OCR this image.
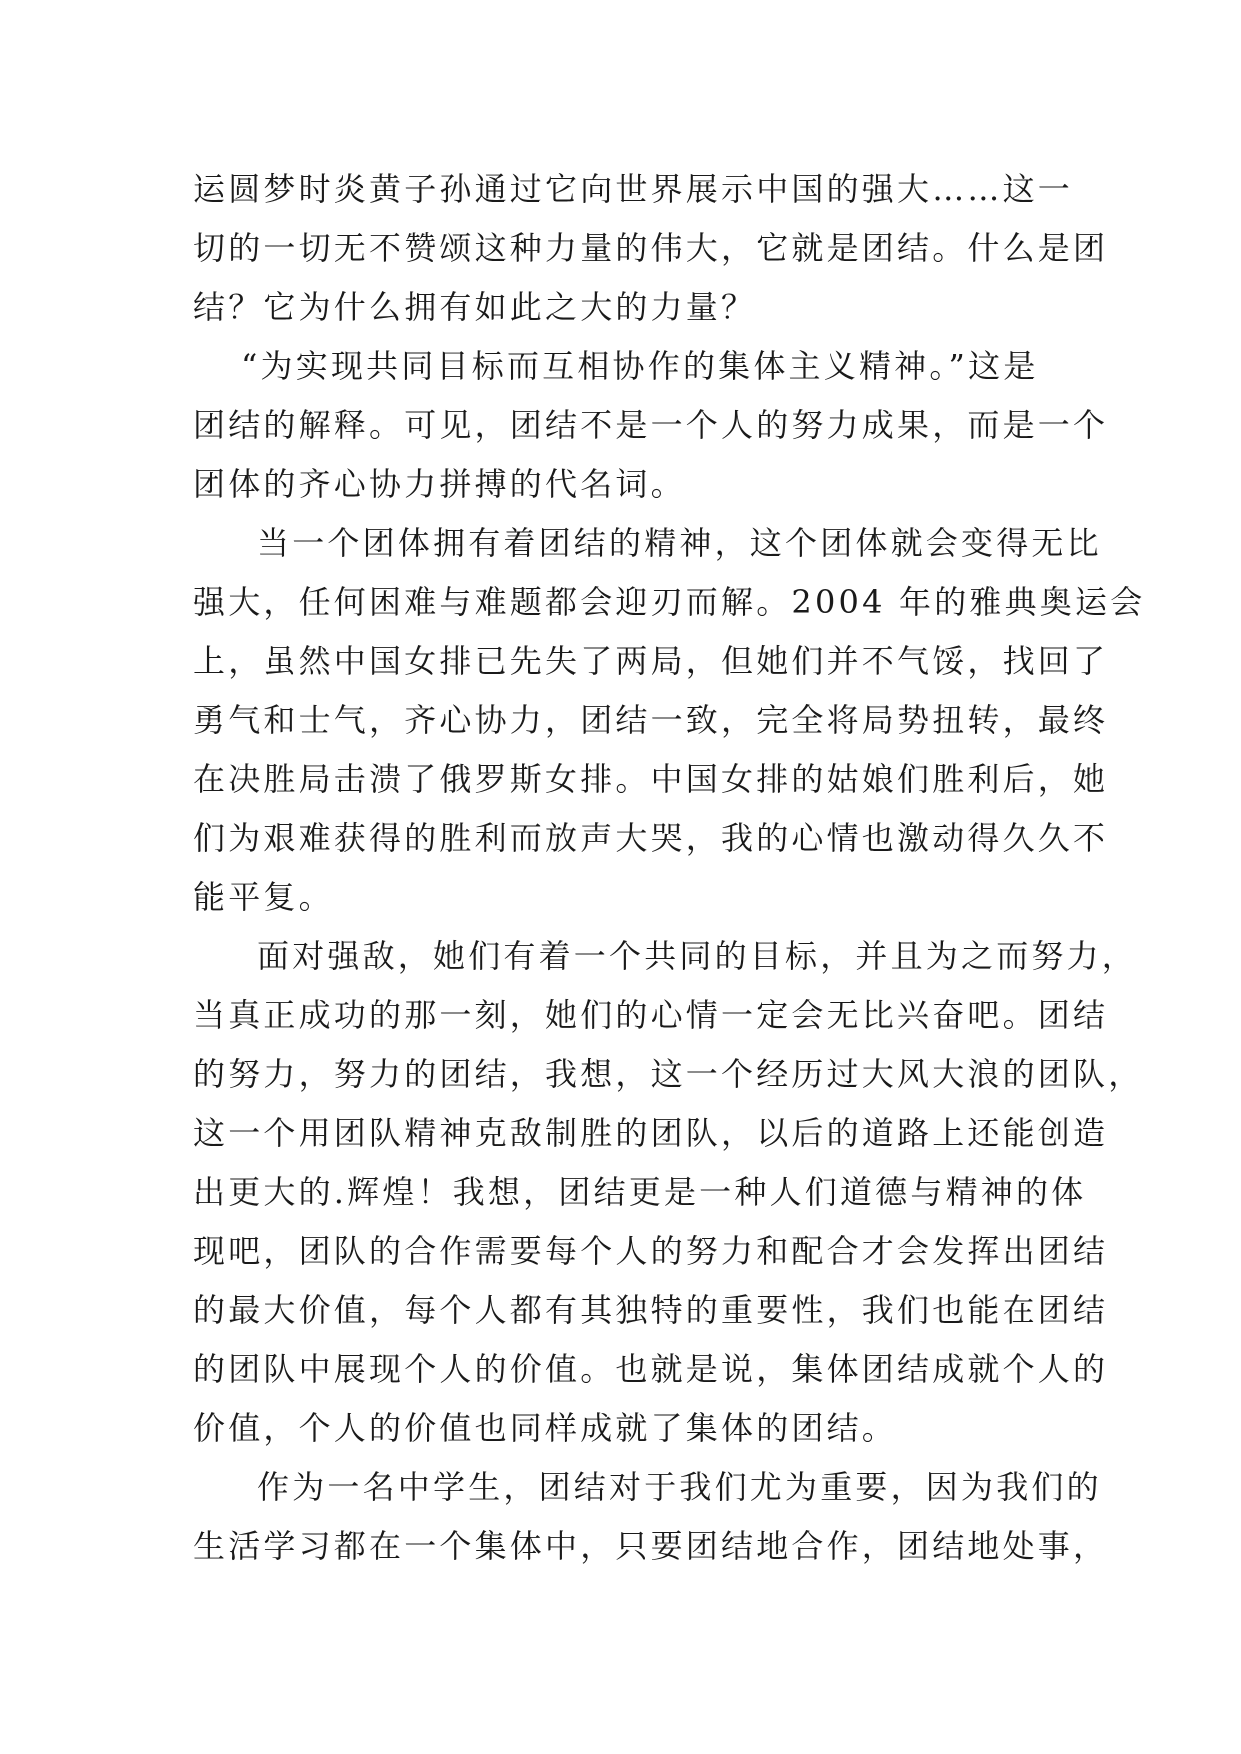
运圆梦时炎黄子孙通过它向世界展示中国的强大……这一
切的一切无不赞颂这种力量的伟大，它就是团结。什么是团
结？它为什么拥有如此之大的力量？
“为实现共同目标而互相协作的集体主义精神。”这是
团结的解释。可见，团结不是一个人的努力成果，而是一个
团体的齐心协力拼搏的代名词。
当一个团体拥有着团结的精神，这个团体就会变得无比
强大，任何困难与难题都会迎刃而解。2004 年的雅典奥运会
上，虽然中国女排已先失了两局，但她们并不气馁，找回了
勇气和士气，齐心协力，团结一致，完全将局势扭转，最终
在决胜局击溃了俄罗斯女排。中国女排的姑娘们胜利后，她
们为艰难获得的胜利而放声大哭，我的心情也激动得久久不
能平复。
面对强敌，她们有着一个共同的目标，并且为之而努力，
当真正成功的那一刻，她们的心情一定会无比兴奋吧。团结
的努力，努力的团结，我想，这一个经历过大风大浪的团队，
这一个用团队精神克敌制胜的团队，以后的道路上还能创造
出更大的.辉煌！我想，团结更是一种人们道德与精神的体
现吧，团队的合作需要每个人的努力和配合才会发挥出团结
的最大价值，每个人都有其独特的重要性，我们也能在团结
的团队中展现个人的价值。也就是说，集体团结成就个人的
价值，个人的价值也同样成就了集体的团结。
作为一名中学生，团结对于我们尤为重要，因为我们的
生活学习都在一个集体中，只要团结地合作，团结地处事，
